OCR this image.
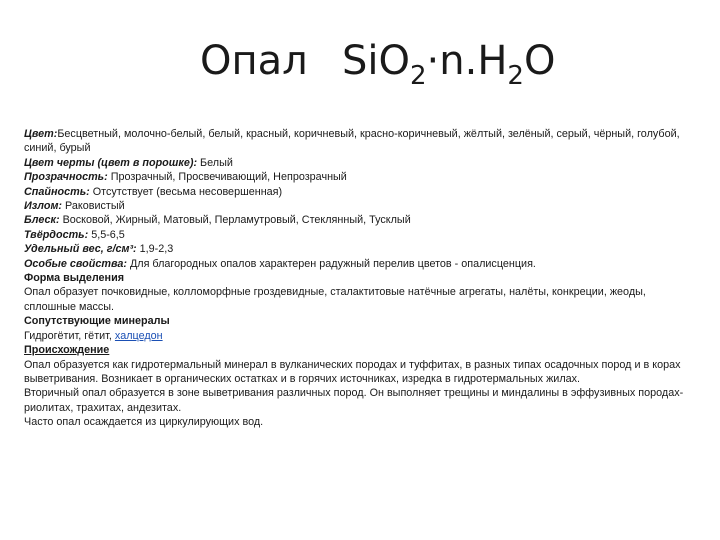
Опал $SiO_2\cdot n.H_2O$
Цвет:Бесцветный, молочно-белый, белый, красный, коричневый, красно-коричневый, жёлтый, зелёный, серый, чёрный, голубой, синий, бурый
Цвет черты (цвет в порошке): Белый
Прозрачность: Прозрачный, Просвечивающий, Непрозрачный
Спайность: Отсутствует (весьма несовершенная)
Излом: Раковистый
Блеск: Восковой, Жирный, Матовый, Перламутровый, Стеклянный, Тусклый
Твёрдость: 5,5-6,5
Удельный вес, г/см³: 1,9-2,3
Особые свойства: Для благородных опалов характерен радужный перелив цветов - опалисценция.
Форма выделения
Опал образует почковидные, колломорфные гроздевидные, сталактитовые натёчные агрегаты, налёты, конкреции, жеоды, сплошные массы.
Сопутствующие минералы
Гидрогётит, гётит, халцедон
Происхождение
Опал образуется как гидротермальный минерал в вулканических породах и туффитах, в разных типах осадочных пород и в корах выветривания. Возникает в органических остатках и в горячих источниках, изредка в гидротермальных жилах.
Вторичный опал образуется в зоне выветривания различных пород. Он выполняет трещины и миндалины в эффузивных породах-риолитах, трахитах, андезитах.
Часто опал осаждается из циркулирующих вод.
